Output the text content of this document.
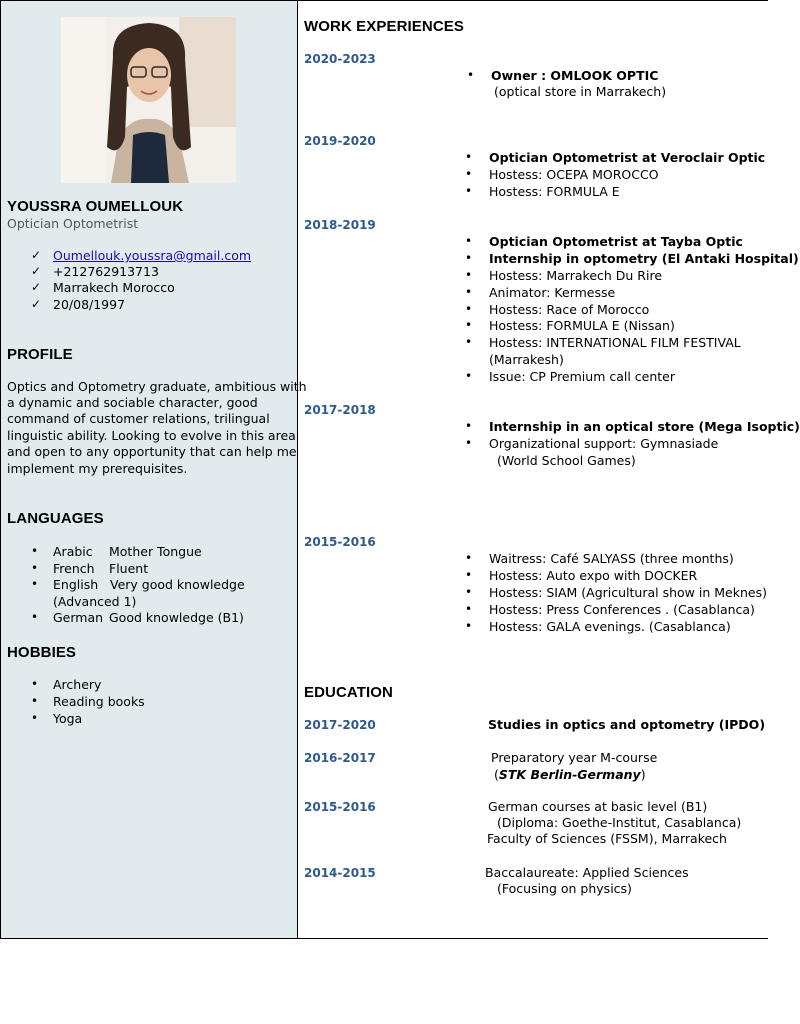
YOUSSRA OUMELLOUK
Optician Optometrist
✓ Oumellouk.youssra@gmail.com
✓ +212762913713
✓ Marrakech Morocco
✓ 20/08/1997
PROFILE
Optics and Optometry graduate, ambitious with
a dynamic and sociable character, good
command of customer relations, trilingual
linguistic ability. Looking to evolve in this area
and open to any opportunity that can help me
implement my prerequisites.
LANGUAGES
• Arabic Mother Tongue
• French Fluent
• English Very good knowledge
(Advanced 1)
• German Good knowledge (B1)
HOBBIES
• Archery
• Reading books
• Yoga
WORK EXPERIENCES
2020-2023
• Owner : OMLOOK OPTIC
(optical store in Marrakech)
2019-2020
• Optician Optometrist at Veroclair Optic
• Hostess: OCEPA MOROCCO
• Hostess: FORMULA E
2018-2019
• Optician Optometrist at Tayba Optic
• Internship in optometry (El Antaki Hospital)
• Hostess: Marrakech Du Rire
• Animator: Kermesse
• Hostess: Race of Morocco
• Hostess: FORMULA E (Nissan)
• Hostess: INTERNATIONAL FILM FESTIVAL
(Marrakesh)
• Issue: CP Premium call center
2017-2018
• Internship in an optical store (Mega Isoptic)
• Organizational support: Gymnasiade
(World School Games)
2015-2016
• Waitress: Café SALYASS (three months)
• Hostess: Auto expo with DOCKER
• Hostess: SIAM (Agricultural show in Meknes)
• Hostess: Press Conferences . (Casablanca)
• Hostess: GALA evenings. (Casablanca)
EDUCATION
2017-2020	Studies in optics and optometry (IPDO)
2016-2017	Preparatory year M-course
(STK Berlin-Germany)
2015-2016	German courses at basic level (B1)
(Diploma: Goethe-Institut, Casablanca)
Faculty of Sciences (FSSM), Marrakech
2014-2015	Baccalaureate: Applied Sciences
(Focusing on physics)
